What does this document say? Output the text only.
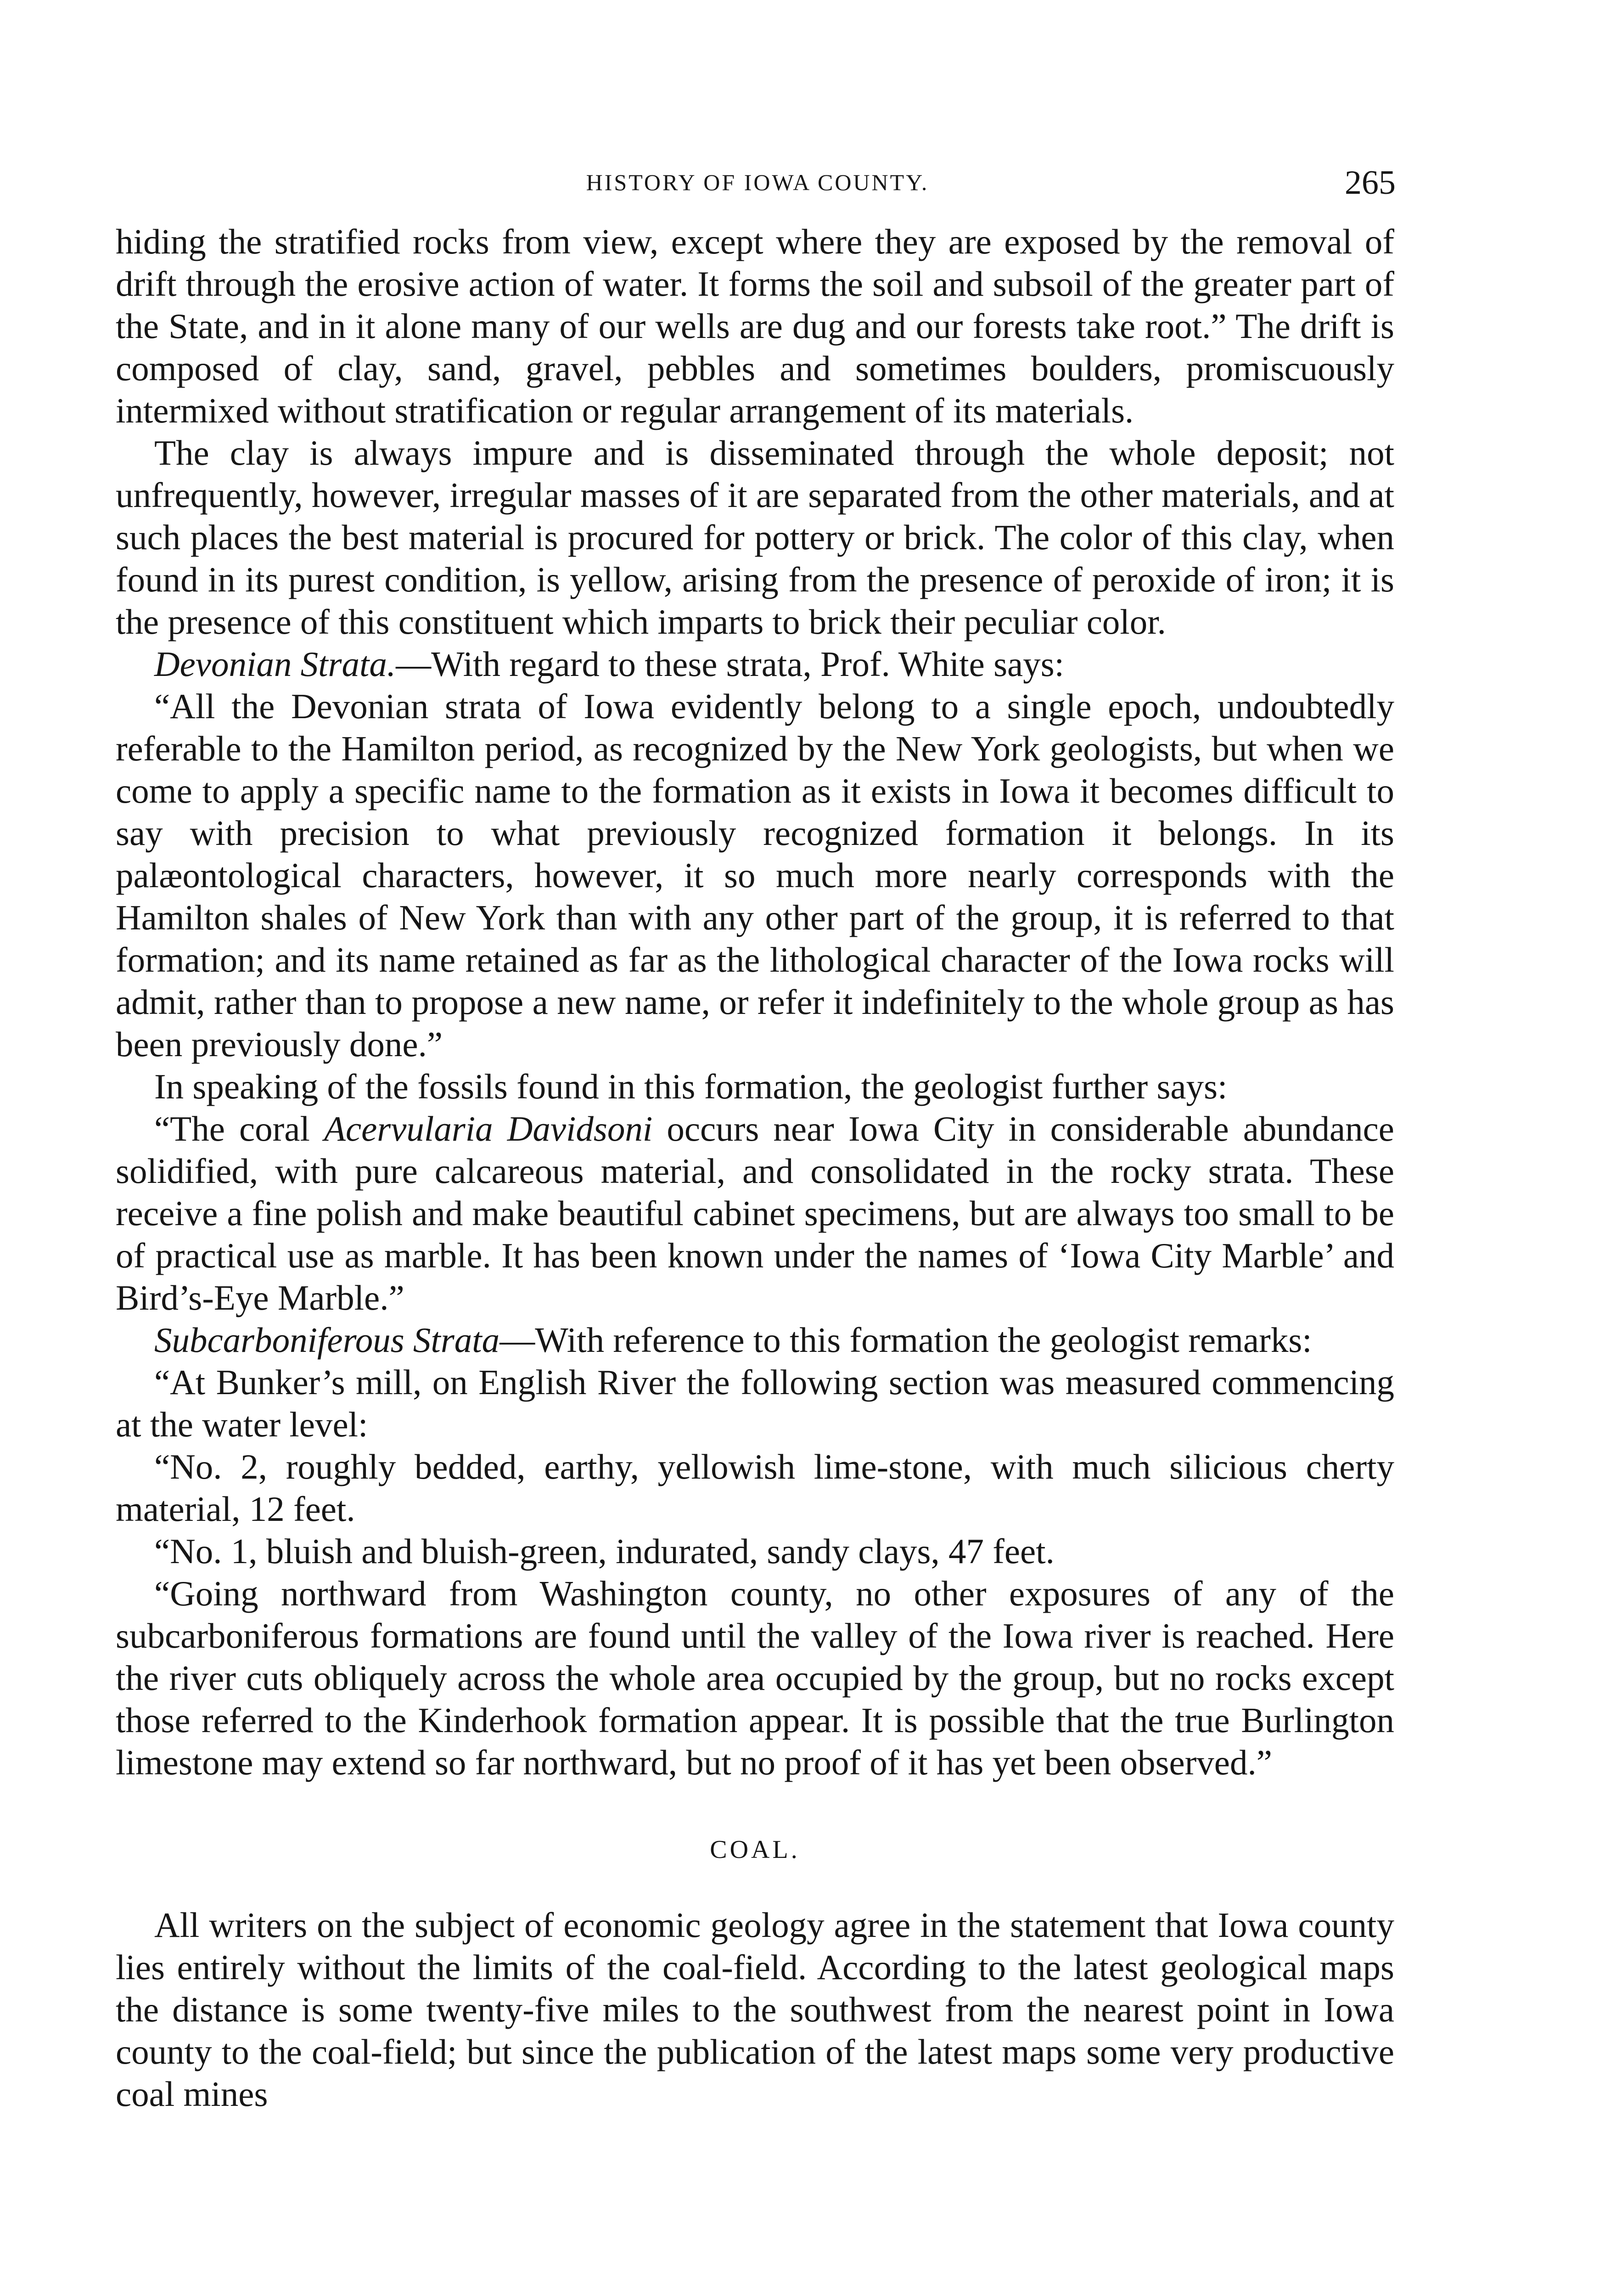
HISTORY OF IOWA COUNTY.	265

hiding the stratified rocks from view, except where they are exposed by the removal of drift through the erosive action of water. It forms the soil and subsoil of the greater part of the State, and in it alone many of our wells are dug and our forests take root.” The drift is composed of clay, sand, gravel, pebbles and sometimes boulders, promiscuously intermixed without stratification or regular arrangement of its materials.

The clay is always impure and is disseminated through the whole deposit; not unfrequently, however, irregular masses of it are separated from the other materials, and at such places the best material is procured for pottery or brick. The color of this clay, when found in its purest condition, is yellow, arising from the presence of peroxide of iron; it is the presence of this constituent which imparts to brick their peculiar color.

Devonian Strata.—With regard to these strata, Prof. White says:

“All the Devonian strata of Iowa evidently belong to a single epoch, undoubtedly referable to the Hamilton period, as recognized by the New York geologists, but when we come to apply a specific name to the formation as it exists in Iowa it becomes difficult to say with precision to what previously recognized formation it belongs. In its palæontological characters, however, it so much more nearly corresponds with the Hamilton shales of New York than with any other part of the group, it is referred to that formation; and its name retained as far as the lithological character of the Iowa rocks will admit, rather than to propose a new name, or refer it indefinitely to the whole group as has been previously done.”

In speaking of the fossils found in this formation, the geologist further says:

“The coral Acervularia Davidsoni occurs near Iowa City in considerable abundance solidified, with pure calcareous material, and consolidated in the rocky strata. These receive a fine polish and make beautiful cabinet specimens, but are always too small to be of practical use as marble. It has been known under the names of ‘Iowa City Marble’ and Bird’s-Eye Marble.”

Subcarboniferous Strata—With reference to this formation the geologist remarks:

“At Bunker’s mill, on English River the following section was measured commencing at the water level:

“No. 2, roughly bedded, earthy, yellowish lime-stone, with much silicious cherty material, 12 feet.

“No. 1, bluish and bluish-green, indurated, sandy clays, 47 feet.

“Going northward from Washington county, no other exposures of any of the subcarboniferous formations are found until the valley of the Iowa river is reached. Here the river cuts obliquely across the whole area occupied by the group, but no rocks except those referred to the Kinderhook formation appear. It is possible that the true Burlington limestone may extend so far northward, but no proof of it has yet been observed.”

COAL.

All writers on the subject of economic geology agree in the statement that Iowa county lies entirely without the limits of the coal-field. According to the latest geological maps the distance is some twenty-five miles to the southwest from the nearest point in Iowa county to the coal-field; but since the publication of the latest maps some very productive coal mines
